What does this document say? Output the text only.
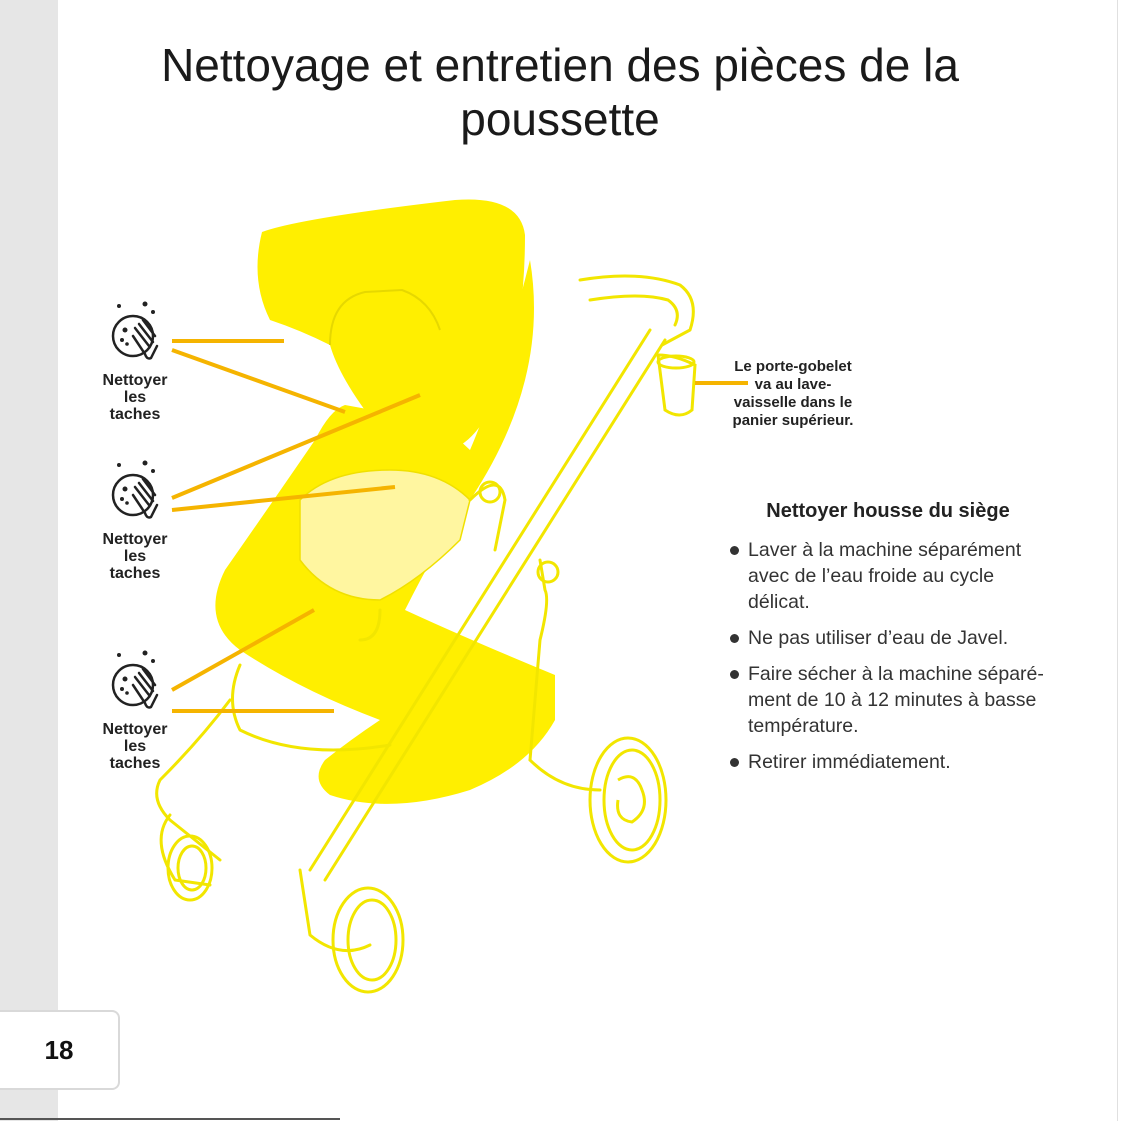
Nettoyage et entretien des pièces de la poussette
Nettoyer
les
taches
Nettoyer
les
taches
Nettoyer
les
taches
Le porte-gobelet
va au lave-
vaisselle dans le
panier supérieur.
Nettoyer housse du siège
Laver à la machine séparément avec de l’eau froide au cycle délicat.
Ne pas utiliser d’eau de Javel.
Faire sécher à la machine séparé-ment de 10 à 12 minutes à basse température.
Retirer immédiatement.
18
